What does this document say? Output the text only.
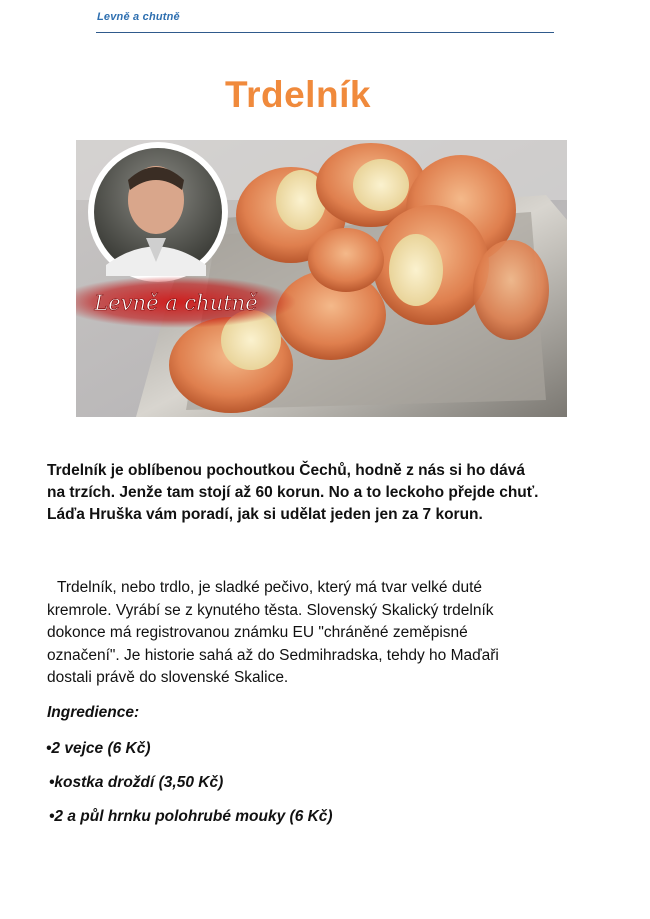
Levně a chutně
Trdelník
Levně a chutně

Trdelník je oblíbenou pochoutkou Čechů, hodně z nás si ho dává

na trzích. Jenže tam stojí až 60 korun. No a to leckoho přejde chuť.

Láďa Hruška vám poradí, jak si udělat jeden jen za 7 korun.

Trdelník, nebo trdlo, je sladké pečivo, který má tvar velké duté

kremrole. Vyrábí se z kynutého těsta. Slovenský Skalický trdelník

dokonce má registrovanou známku EU "chráněné zeměpisné

označení". Je historie sahá až do Sedmihradska, tehdy ho Maďaři

dostali právě do slovenské Skalice.

Ingredience:
•2 vejce (6 Kč)
•kostka droždí (3,50 Kč)
•2 a půl hrnku polohrubé mouky (6 Kč)
